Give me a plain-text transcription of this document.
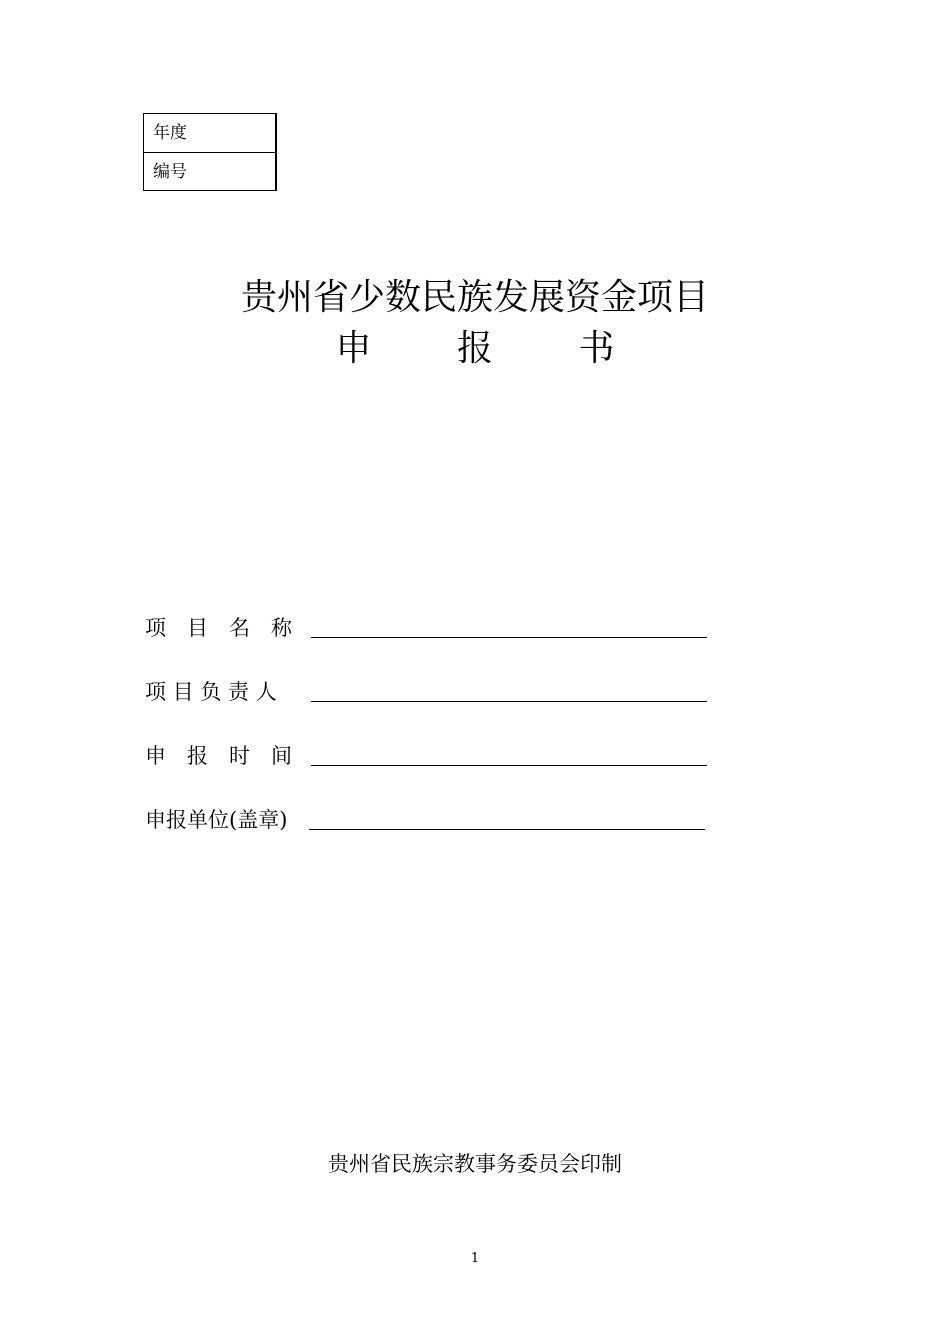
年度
编号
贵州省少数民族发展资金项目
申 报 书
项　目　名　称
项 目 负 责 人
申　报　时　间
申报单位(盖章)
贵州省民族宗教事务委员会印制
1
